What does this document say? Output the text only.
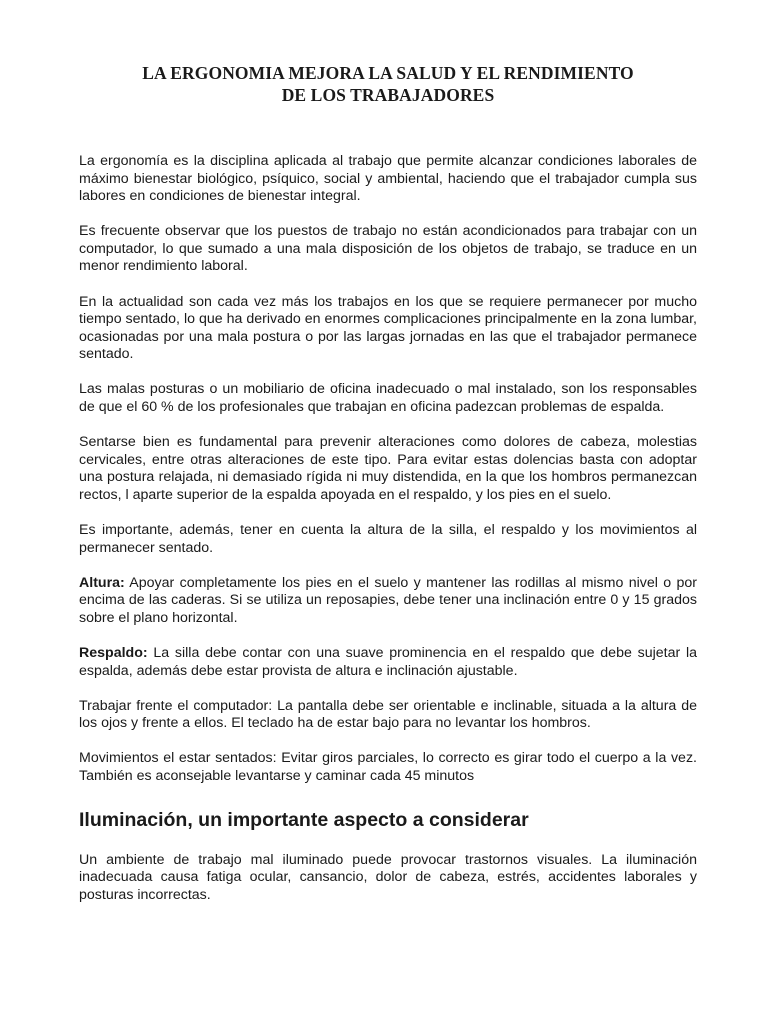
LA ERGONOMIA MEJORA LA SALUD Y EL RENDIMIENTO
DE LOS TRABAJADORES

La ergonomía es la disciplina aplicada al trabajo que permite alcanzar condiciones laborales de máximo bienestar biológico, psíquico, social y ambiental, haciendo que el trabajador cumpla sus labores en condiciones de bienestar integral.

Es frecuente observar que los puestos de trabajo no están acondicionados para trabajar con un computador, lo que sumado a una mala disposición de los objetos de trabajo, se traduce en un menor rendimiento laboral.

En la actualidad son cada vez más los trabajos en los que se requiere permanecer por mucho tiempo sentado, lo que ha derivado en enormes complicaciones principalmente en la zona lumbar, ocasionadas por una mala postura o por las largas jornadas en las que el trabajador permanece sentado.

Las malas posturas o un mobiliario de oficina inadecuado o mal instalado, son los responsables de que el 60 % de los profesionales que trabajan en oficina padezcan problemas de espalda.

Sentarse bien es fundamental para prevenir alteraciones como dolores de cabeza, molestias cervicales, entre otras alteraciones de este tipo. Para evitar estas dolencias basta con adoptar una postura relajada, ni demasiado rígida ni muy distendida, en la que los hombros permanezcan rectos, l aparte superior de la espalda apoyada en el respaldo, y los pies en el suelo.

Es importante, además, tener en cuenta la altura de la silla, el respaldo y los movimientos al permanecer sentado.

Altura: Apoyar completamente los pies en el suelo y mantener las rodillas al mismo nivel o por encima de las caderas. Si se utiliza un reposapies, debe tener una inclinación entre 0 y 15 grados sobre el plano horizontal.

Respaldo: La silla debe contar con una suave prominencia en el respaldo que debe sujetar la espalda, además debe estar provista de altura e inclinación ajustable.

Trabajar frente el computador: La pantalla debe ser orientable e inclinable, situada a la altura de los ojos y frente a ellos. El teclado ha de estar bajo para no levantar los hombros.

Movimientos el estar sentados: Evitar giros parciales, lo correcto es girar todo el cuerpo a la vez. También es aconsejable levantarse y caminar cada 45 minutos

Iluminación, un importante aspecto a considerar

Un ambiente de trabajo mal iluminado puede provocar trastornos visuales. La iluminación inadecuada causa fatiga ocular, cansancio, dolor de cabeza, estrés, accidentes laborales y posturas incorrectas.
